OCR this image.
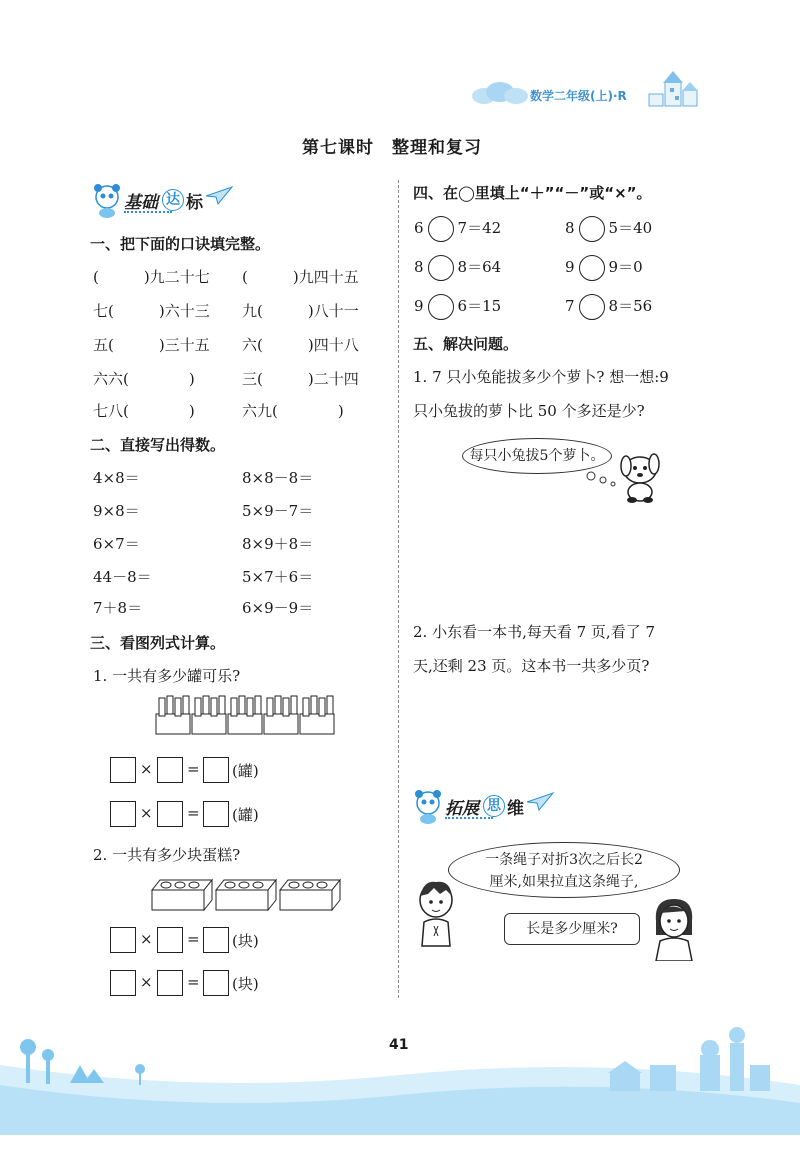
数学二年级(上)·R
第七课时　整理和复习
基础 达 标
一、把下面的口诀填完整。
(　　　)九二十七 (　　　)九四十五
七(　　　)六十三 九(　　　)八十一
五(　　　)三十五 六(　　　)四十八
六六(　　　　)	三(　　　)二十四
七八(　　　　)	六九(　　　　)
二、直接写出得数。
4×8＝	8×8－8＝
9×8＝	5×9－7＝
6×7＝	8×9＋8＝
44－8＝	5×7＋6＝
7＋8＝	6×9－9＝
三、看图列式计算。
1. 一共有多少罐可乐?
× = (罐)
× = (罐)
2. 一共有多少块蛋糕?
× = (块)
× = (块)
四、在◯里填上“＋”“－”或“×”。
6 7＝42	8 5＝40
8 8＝64	9 9＝0
9 6＝15	7 8＝56
五、解决问题。
1. 7 只小兔能拔多少个萝卜? 想一想:9
只小兔拔的萝卜比 50 个多还是少?
每只小兔拔5个萝卜。
2. 小东看一本书,每天看 7 页,看了 7
天,还剩 23 页。这本书一共多少页?
拓展 思 维
一条绳子对折3次之后长2
厘米,如果拉直这条绳子,
长是多少厘米?
41
